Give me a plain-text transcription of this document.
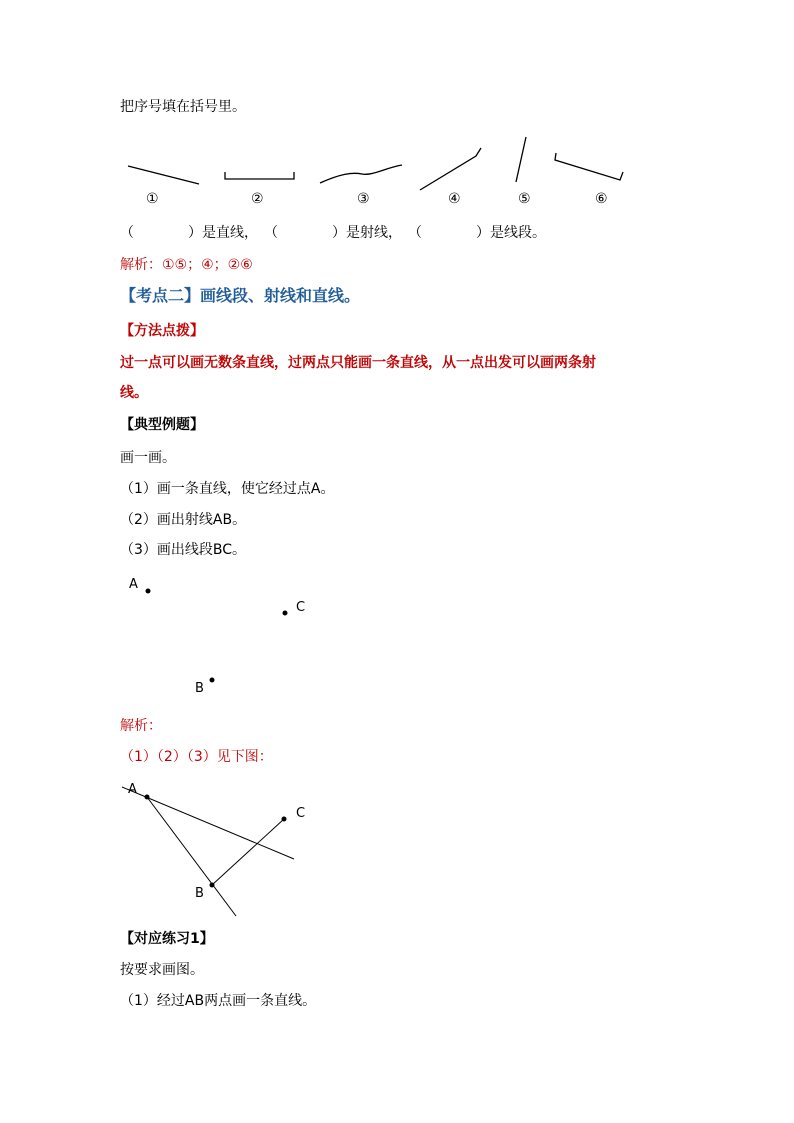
把序号填在括号里。
①	②	③	④	⑤	⑥
（	） 是直线， （	） 是射线， （	） 是线段。
解析：①⑤；④；②⑥
【考点二】画线段、射线和直线。
【方法点拨】
过一点可以画无数条直线，过两点只能画一条直线，从一点出发可以画两条射
线。
【典型例题】
画一画。
（1）画一条直线，使它经过点A。
（2）画出射线AB。
（3）画出线段BC。
A
C
B
解析：
（1）（2）（3）见下图：
A
C
B
【对应练习1】
按要求画图。
（1）经过AB两点画一条直线。
